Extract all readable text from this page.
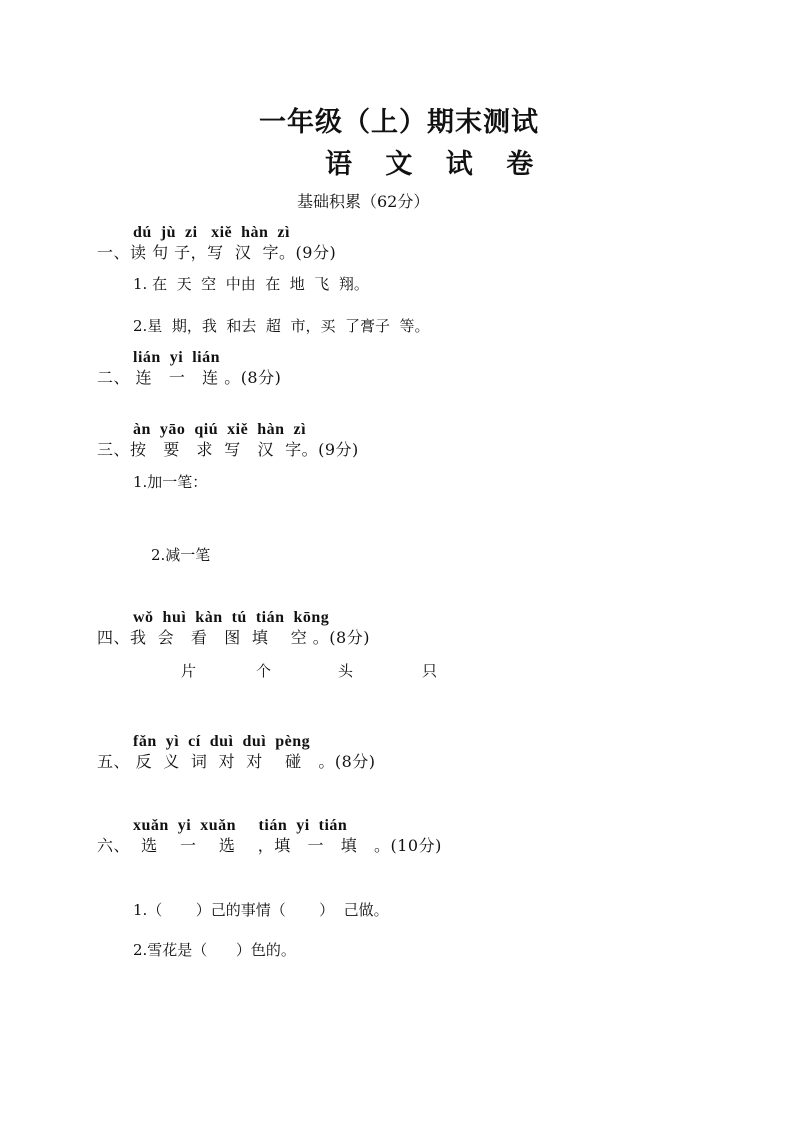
一年级（上）期末测试
语 文 试 卷
基础积累（62分）
dú  jù  zi   xiě  hàn  zì
一、读 句 子，写  汉  字。(9分)
1. 在  天  空  中由  在  地  飞  翔。
2.星  期，我  和去  超  市，买  了膏子  等。
lián  yi  lián
二、 连   一   连 。(8分)
àn  yāo  qiú  xiě  hàn  zì
三、按   要   求  写   汉  字。(9分)
1.加一笔：
2.减一笔
wǒ  huì  kàn  tú  tián  kōng
四、我  会   看   图  填    空 。(8分)
片	个	头	只
fǎn  yì  cí  duì  duì  pèng
五、 反  义  词  对  对    碰   。(8分)
xuǎn  yi  xuǎn     tián  yi  tián
六、  选    一    选    ，填   一   填   。(10分)
1.（       ）己的事情（       ）  己做。
2.雪花是（      ）色的。
